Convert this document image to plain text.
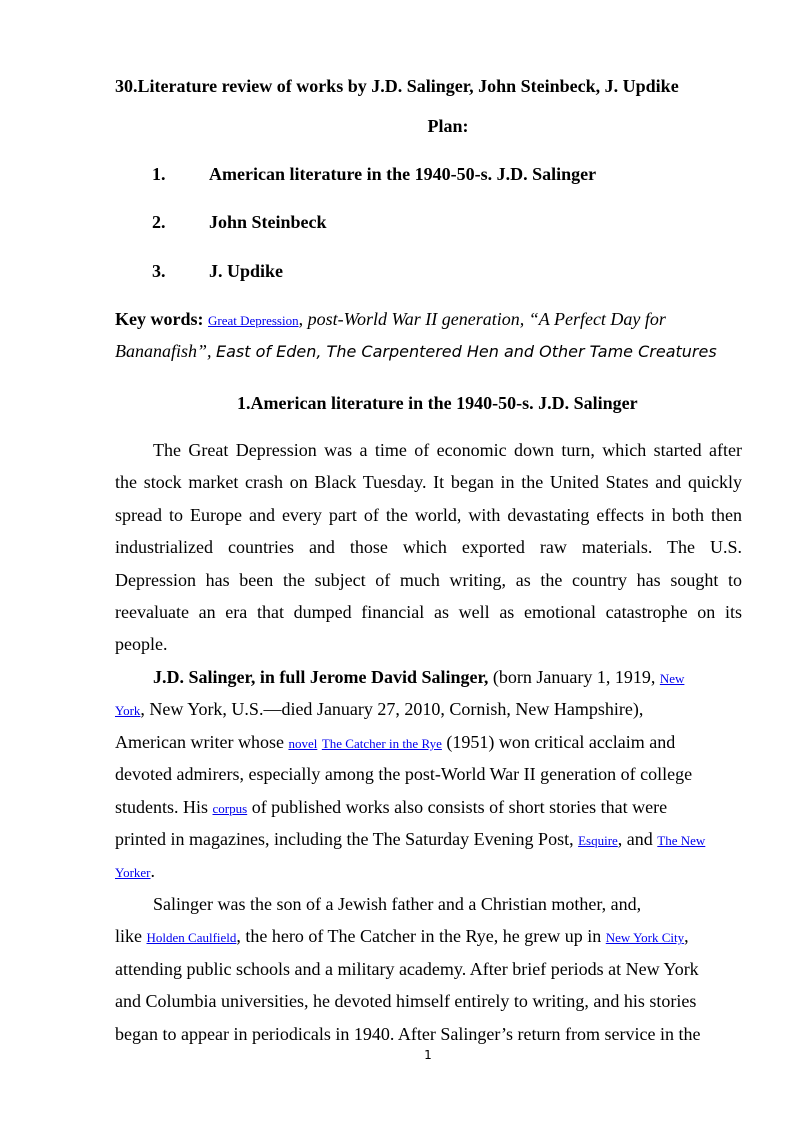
30.Literature review of works by J.D. Salinger, John Steinbeck, J. Updike
Plan:
1. American literature in the 1940-50-s. J.D. Salinger
2. John Steinbeck
3. J. Updike
Key words: Great Depression, post-World War II generation, “A Perfect Day for
Bananafish”, East of Eden, The Carpentered Hen and Other Tame Creatures
1.American literature in the 1940-50-s. J.D. Salinger
The Great Depression was a time of economic down turn, which started after
the stock market crash on Black Tuesday. It began in the United States and quickly
spread to Europe and every part of the world, with devastating effects in both then
industrialized countries and those which exported raw materials. The U.S.
Depression has been the subject of much writing, as the country has sought to
reevaluate an era that dumped financial as well as emotional catastrophe on its
people.
J.D. Salinger, in full Jerome David Salinger, (born January 1, 1919, New
York, New York, U.S.—died January 27, 2010, Cornish, New Hampshire),
American writer whose novel The Catcher in the Rye (1951) won critical acclaim and
devoted admirers, especially among the post-World War II generation of college
students. His corpus of published works also consists of short stories that were
printed in magazines, including the The Saturday Evening Post, Esquire, and The New
Yorker.
Salinger was the son of a Jewish father and a Christian mother, and,
like Holden Caulfield, the hero of The Catcher in the Rye, he grew up in New York City,
attending public schools and a military academy. After brief periods at New York
and Columbia universities, he devoted himself entirely to writing, and his stories
began to appear in periodicals in 1940. After Salinger’s return from service in the
1
